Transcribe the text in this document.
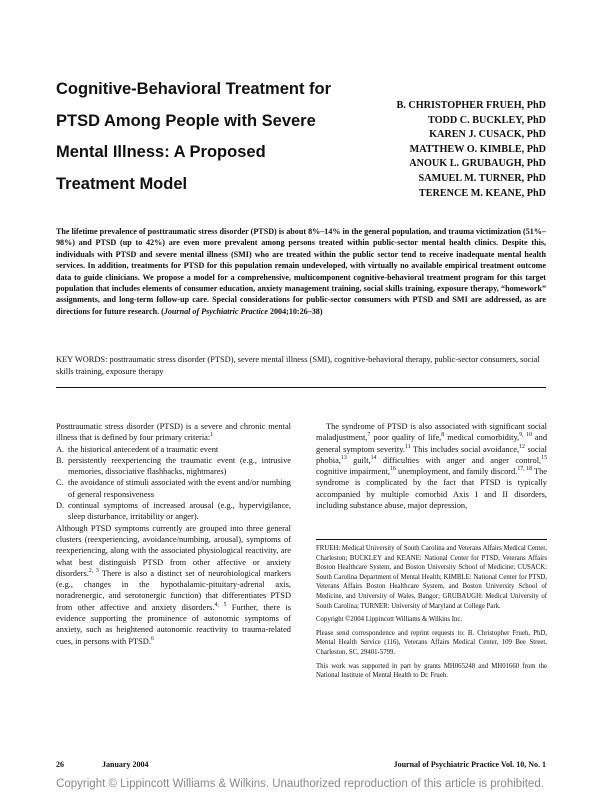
Cognitive-Behavioral Treatment for
PTSD Among People with Severe
Mental Illness: A Proposed
Treatment Model
B. CHRISTOPHER FRUEH, PhD
TODD C. BUCKLEY, PhD
KAREN J. CUSACK, PhD
MATTHEW O. KIMBLE, PhD
ANOUK L. GRUBAUGH, PhD
SAMUEL M. TURNER, PhD
TERENCE M. KEANE, PhD
The lifetime prevalence of posttraumatic stress disorder (PTSD) is about 8%–14% in the general population, and trauma victimization (51%–98%) and PTSD (up to 42%) are even more prevalent among persons treated within public-sector mental health clinics. Despite this, individuals with PTSD and severe mental illness (SMI) who are treated within the public sector tend to receive inadequate mental health services. In addition, treatments for PTSD for this population remain undeveloped, with virtually no available empirical treatment outcome data to guide clinicians. We propose a model for a comprehensive, multicomponent cognitive-behavioral treatment program for this target population that includes elements of consumer education, anxiety management training, social skills training, exposure therapy, “homework” assignments, and long-term follow-up care. Special considerations for public-sector consumers with PTSD and SMI are addressed, as are directions for future research. (Journal of Psychiatric Practice 2004;10:26–38)
KEY WORDS: posttraumatic stress disorder (PTSD), severe mental illness (SMI), cognitive-behavioral therapy, public-sector consumers, social skills training, exposure therapy

Posttraumatic stress disorder (PTSD) is a severe and chronic mental illness that is defined by four primary criteria:$^1$

A. the historical antecedent of a traumatic event
B. persistently reexperiencing the traumatic event (e.g., intrusive memories, dissociative flashbacks, nightmares)
C. the avoidance of stimuli associated with the event and/or numbing of general responsiveness
D. continual symptoms of increased arousal (e.g., hypervigilance, sleep disturbance, irritability or anger).

Although PTSD symptoms currently are grouped into three general clusters (reexperiencing, avoidance/numbing, arousal), symptoms of reexperiencing, along with the associated physiological reactivity, are what best distinguish PTSD from other affective or anxiety disorders.$^{2, 3}$ There is also a distinct set of neurobiological markers (e.g., changes in the hypothalamic-pituitary-adrenal axis, noradrenergic, and serotonergic function) that differentiates PTSD from other affective and anxiety disorders.$^{4, 5}$ Further, there is evidence supporting the prominence of autonomic symptoms of anxiety, such as heightened autonomic reactivity to trauma-related cues, in persons with PTSD.$^6$

The syndrome of PTSD is also associated with significant social maladjustment,$^7$ poor quality of life,$^8$ medical comorbidity,$^{9, 10}$ and general symptom severity.$^{11}$ This includes social avoidance,$^{12}$ social phobia,$^{13}$ guilt,$^{14}$ difficulties with anger and anger control,$^{15}$ cognitive impairment,$^{16}$ unemployment, and family discord.$^{17, 18}$ The syndrome is complicated by the fact that PTSD is typically accompanied by multiple comorbid Axis I and II disorders, including substance abuse, major depression,

FRUEH: Medical University of South Carolina and Veterans Affairs Medical Center, Charleston; BUCKLEY and KEANE: National Center for PTSD, Veterans Affairs Boston Healthcare System, and Boston University School of Medicine; CUSACK: South Carolina Department of Mental Health; KIMBLE: National Center for PTSD, Veterans Affairs Boston Healthcare System, and Boston University School of Medicine, and University of Wales, Bangor; GRUBAUGH: Medical University of South Carolina; TURNER: University of Maryland at College Park.

Copyright ©2004 Lippincott Williams & Wilkins Inc.

Please send correspondence and reprint requests to: B. Christopher Frueh, PhD, Mental Health Service (116), Veterans Affairs Medical Center, 109 Bee Street, Charleston, SC, 29401-5799.

This work was supported in part by grants MH065248 and MH01660 from the National Institute of Mental Health to Dr. Frueh.

26	January 2004	Journal of Psychiatric Practice Vol. 10, No. 1
Copyright © Lippincott Williams & Wilkins. Unauthorized reproduction of this article is prohibited.
